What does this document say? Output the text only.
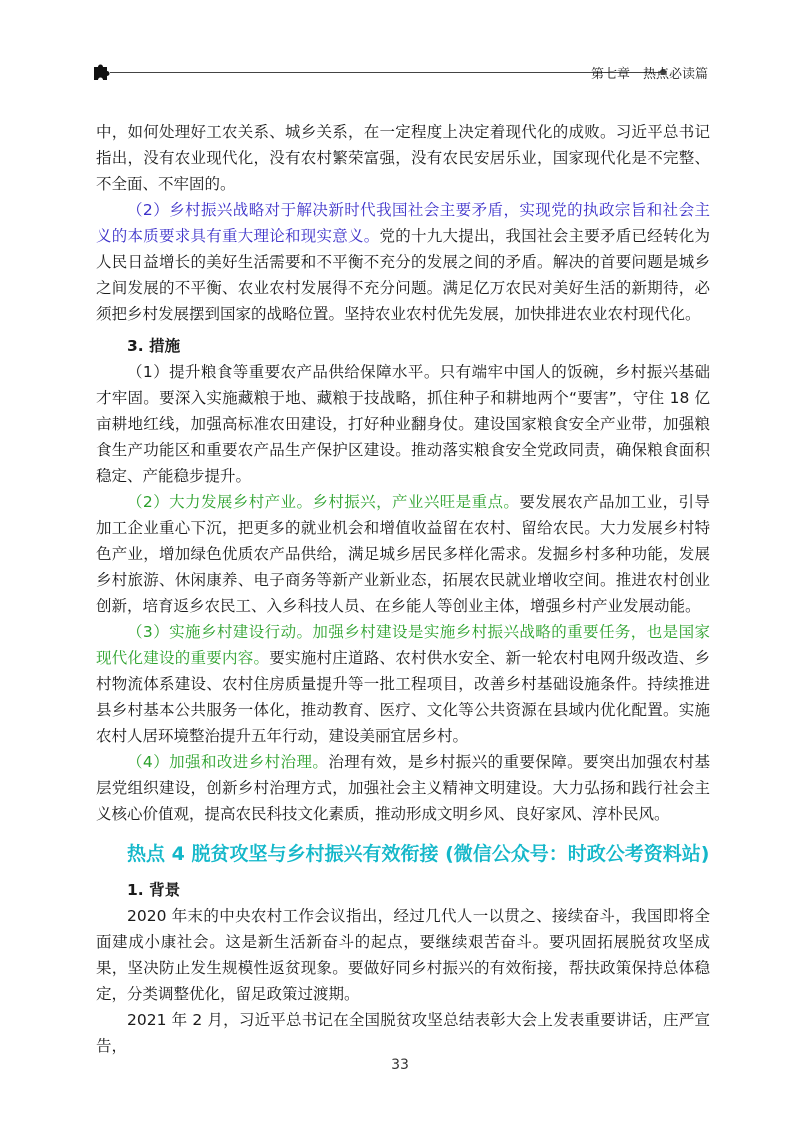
第七章　热点必读篇

中，如何处理好工农关系、城乡关系，在一定程度上决定着现代化的成败。习近平总书记指出，没有农业现代化，没有农村繁荣富强，没有农民安居乐业，国家现代化是不完整、不全面、不牢固的。

（2）乡村振兴战略对于解决新时代我国社会主要矛盾，实现党的执政宗旨和社会主义的本质要求具有重大理论和现实意义。党的十九大提出，我国社会主要矛盾已经转化为人民日益增长的美好生活需要和不平衡不充分的发展之间的矛盾。解决的首要问题是城乡之间发展的不平衡、农业农村发展得不充分问题。满足亿万农民对美好生活的新期待，必须把乡村发展摆到国家的战略位置。坚持农业农村优先发展，加快排进农业农村现代化。

3. 措施

（1）提升粮食等重要农产品供给保障水平。只有端牢中国人的饭碗，乡村振兴基础才牢固。要深入实施藏粮于地、藏粮于技战略，抓住种子和耕地两个“要害”，守住 18 亿亩耕地红线，加强高标准农田建设，打好种业翻身仗。建设国家粮食安全产业带，加强粮食生产功能区和重要农产品生产保护区建设。推动落实粮食安全党政同责，确保粮食面积稳定、产能稳步提升。

（2）大力发展乡村产业。乡村振兴，产业兴旺是重点。要发展农产品加工业，引导加工企业重心下沉，把更多的就业机会和增值收益留在农村、留给农民。大力发展乡村特色产业，增加绿色优质农产品供给，满足城乡居民多样化需求。发掘乡村多种功能，发展乡村旅游、休闲康养、电子商务等新产业新业态，拓展农民就业增收空间。推进农村创业创新，培育返乡农民工、入乡科技人员、在乡能人等创业主体，增强乡村产业发展动能。

（3）实施乡村建设行动。加强乡村建设是实施乡村振兴战略的重要任务，也是国家现代化建设的重要内容。要实施村庄道路、农村供水安全、新一轮农村电网升级改造、乡村物流体系建设、农村住房质量提升等一批工程项目，改善乡村基础设施条件。持续推进县乡村基本公共服务一体化，推动教育、医疗、文化等公共资源在县域内优化配置。实施农村人居环境整治提升五年行动，建设美丽宜居乡村。

（4）加强和改进乡村治理。治理有效，是乡村振兴的重要保障。要突出加强农村基层党组织建设，创新乡村治理方式，加强社会主义精神文明建设。大力弘扬和践行社会主义核心价值观，提高农民科技文化素质，推动形成文明乡风、良好家风、淳朴民风。

热点 4 脱贫攻坚与乡村振兴有效衔接 (微信公众号：时政公考资料站)

1. 背景

2020 年末的中央农村工作会议指出，经过几代人一以贯之、接续奋斗，我国即将全面建成小康社会。这是新生活新奋斗的起点，要继续艰苦奋斗。要巩固拓展脱贫攻坚成果，坚决防止发生规模性返贫现象。要做好同乡村振兴的有效衔接，帮扶政策保持总体稳定，分类调整优化，留足政策过渡期。

2021 年 2 月，习近平总书记在全国脱贫攻坚总结表彰大会上发表重要讲话，庄严宣告，

33
